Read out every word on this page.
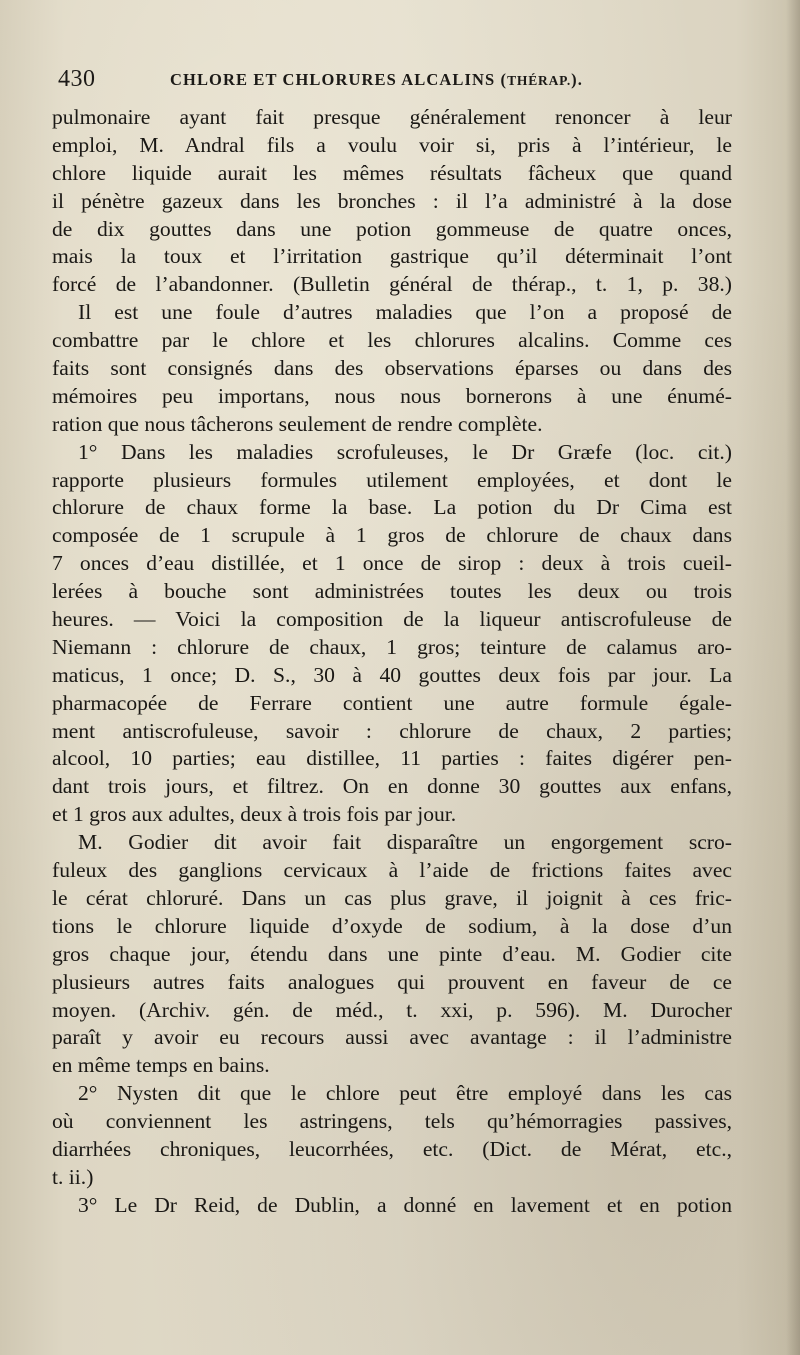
430	CHLORE ET CHLORURES ALCALINS (THÉRAP.).
pulmonaire ayant fait presque généralement renoncer à leur
emploi, M. Andral fils a voulu voir si, pris à l’intérieur, le
chlore liquide aurait les mêmes résultats fâcheux que quand
il pénètre gazeux dans les bronches : il l’a administré à la dose
de dix gouttes dans une potion gommeuse de quatre onces,
mais la toux et l’irritation gastrique qu’il déterminait l’ont
forcé de l’abandonner. (Bulletin général de thérap., t. 1, p. 38.)
Il est une foule d’autres maladies que l’on a proposé de
combattre par le chlore et les chlorures alcalins. Comme ces
faits sont consignés dans des observations éparses ou dans des
mémoires peu importans, nous nous bornerons à une énumé-
ration que nous tâcherons seulement de rendre complète.
1° Dans les maladies scrofuleuses, le Dr Græfe (loc. cit.)
rapporte plusieurs formules utilement employées, et dont le
chlorure de chaux forme la base. La potion du Dr Cima est
composée de 1 scrupule à 1 gros de chlorure de chaux dans
7 onces d’eau distillée, et 1 once de sirop : deux à trois cueil-
lerées à bouche sont administrées toutes les deux ou trois
heures. — Voici la composition de la liqueur antiscrofuleuse de
Niemann : chlorure de chaux, 1 gros; teinture de calamus aro-
maticus, 1 once; D. S., 30 à 40 gouttes deux fois par jour. La
pharmacopée de Ferrare contient une autre formule égale-
ment antiscrofuleuse, savoir : chlorure de chaux, 2 parties;
alcool, 10 parties; eau distillee, 11 parties : faites digérer pen-
dant trois jours, et filtrez. On en donne 30 gouttes aux enfans,
et 1 gros aux adultes, deux à trois fois par jour.
M. Godier dit avoir fait disparaître un engorgement scro-
fuleux des ganglions cervicaux à l’aide de frictions faites avec
le cérat chloruré. Dans un cas plus grave, il joignit à ces fric-
tions le chlorure liquide d’oxyde de sodium, à la dose d’un
gros chaque jour, étendu dans une pinte d’eau. M. Godier cite
plusieurs autres faits analogues qui prouvent en faveur de ce
moyen. (Archiv. gén. de méd., t. xxi, p. 596). M. Durocher
paraît y avoir eu recours aussi avec avantage : il l’administre
en même temps en bains.
2° Nysten dit que le chlore peut être employé dans les cas
où conviennent les astringens, tels qu’hémorragies passives,
diarrhées chroniques, leucorrhées, etc. (Dict. de Mérat, etc.,
t. ii.)
3° Le Dr Reid, de Dublin, a donné en lavement et en potion
